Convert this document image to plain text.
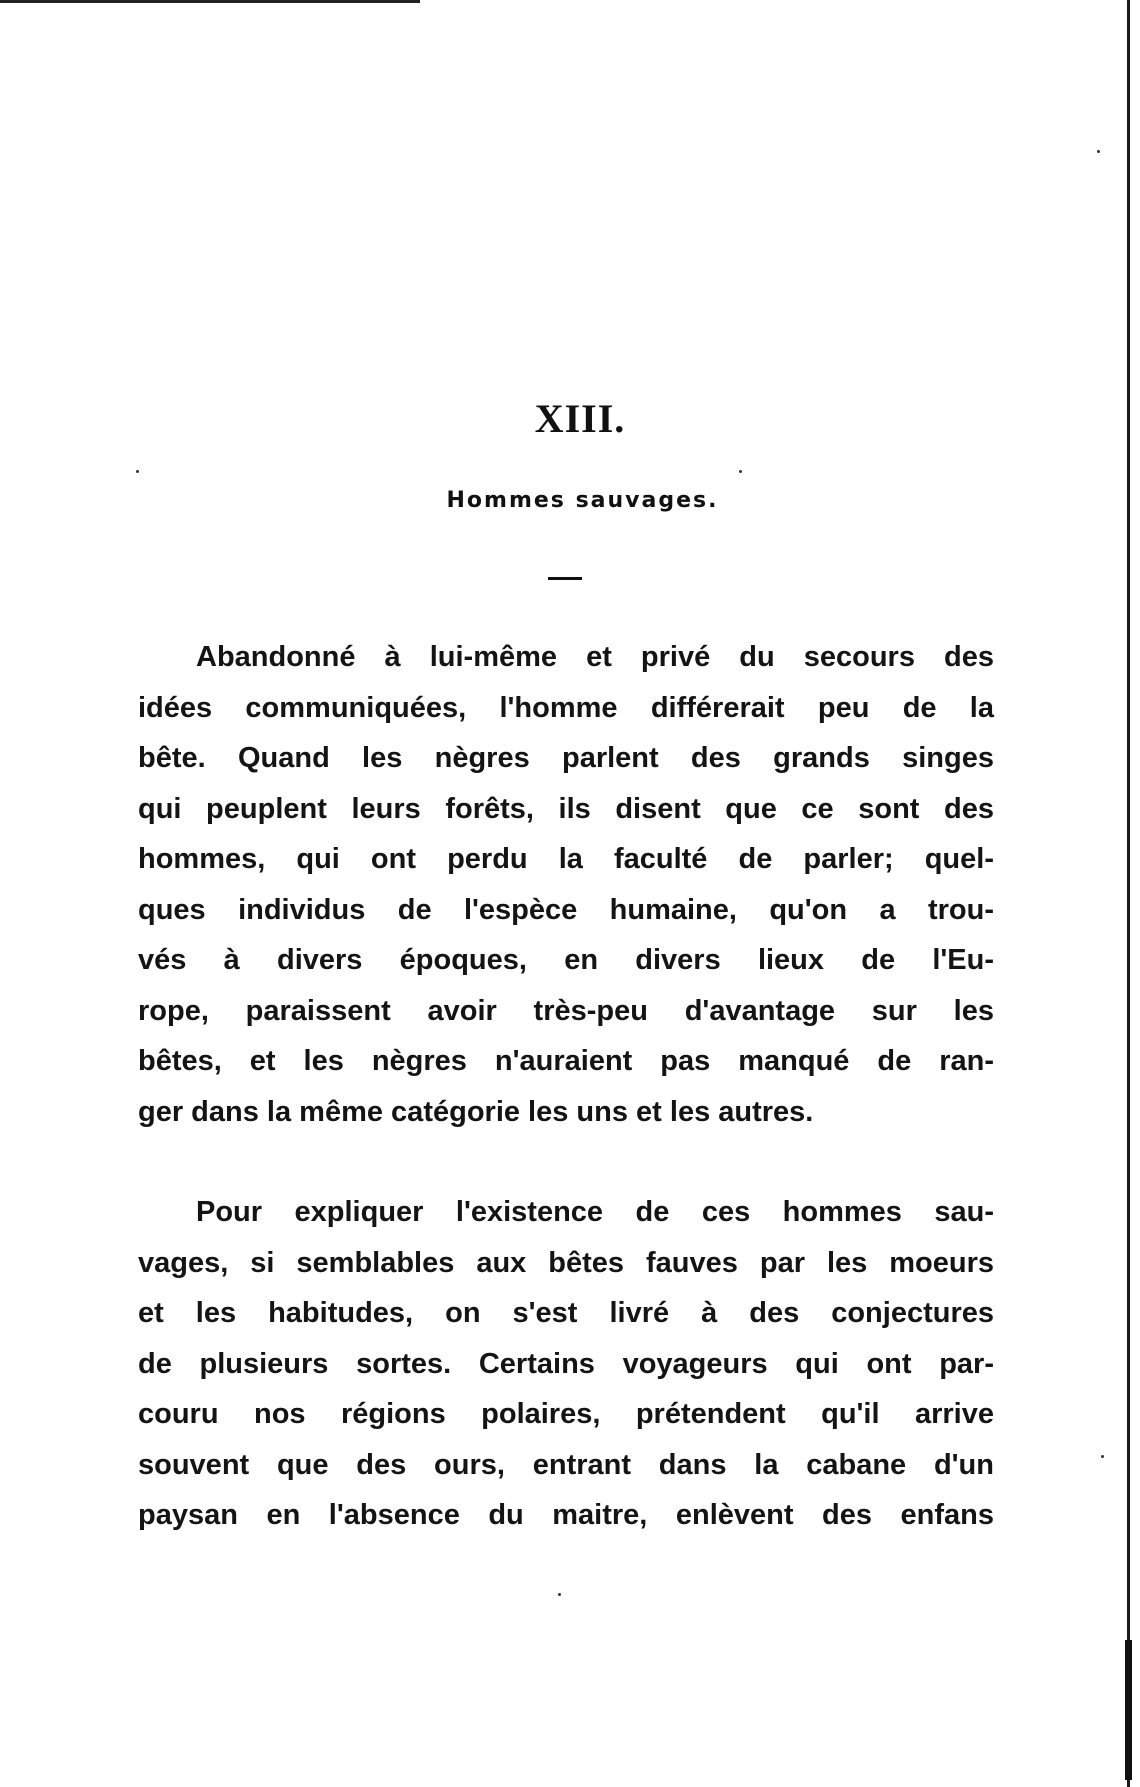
XIII.
Hommes sauvages.
Abandonné à lui-même et privé du secours des
idées communiquées, l'homme différerait peu de la
bête. Quand les nègres parlent des grands singes
qui peuplent leurs forêts, ils disent que ce sont des
hommes, qui ont perdu la faculté de parler; quel-
ques individus de l'espèce humaine, qu'on a trou-
vés à divers époques, en divers lieux de l'Eu-
rope, paraissent avoir très-peu d'avantage sur les
bêtes, et les nègres n'auraient pas manqué de ran-
ger dans la même catégorie les uns et les autres.
Pour expliquer l'existence de ces hommes sau-
vages, si semblables aux bêtes fauves par les moeurs
et les habitudes, on s'est livré à des conjectures
de plusieurs sortes. Certains voyageurs qui ont par-
couru nos régions polaires, prétendent qu'il arrive
souvent que des ours, entrant dans la cabane d'un
paysan en l'absence du maitre, enlèvent des enfans
